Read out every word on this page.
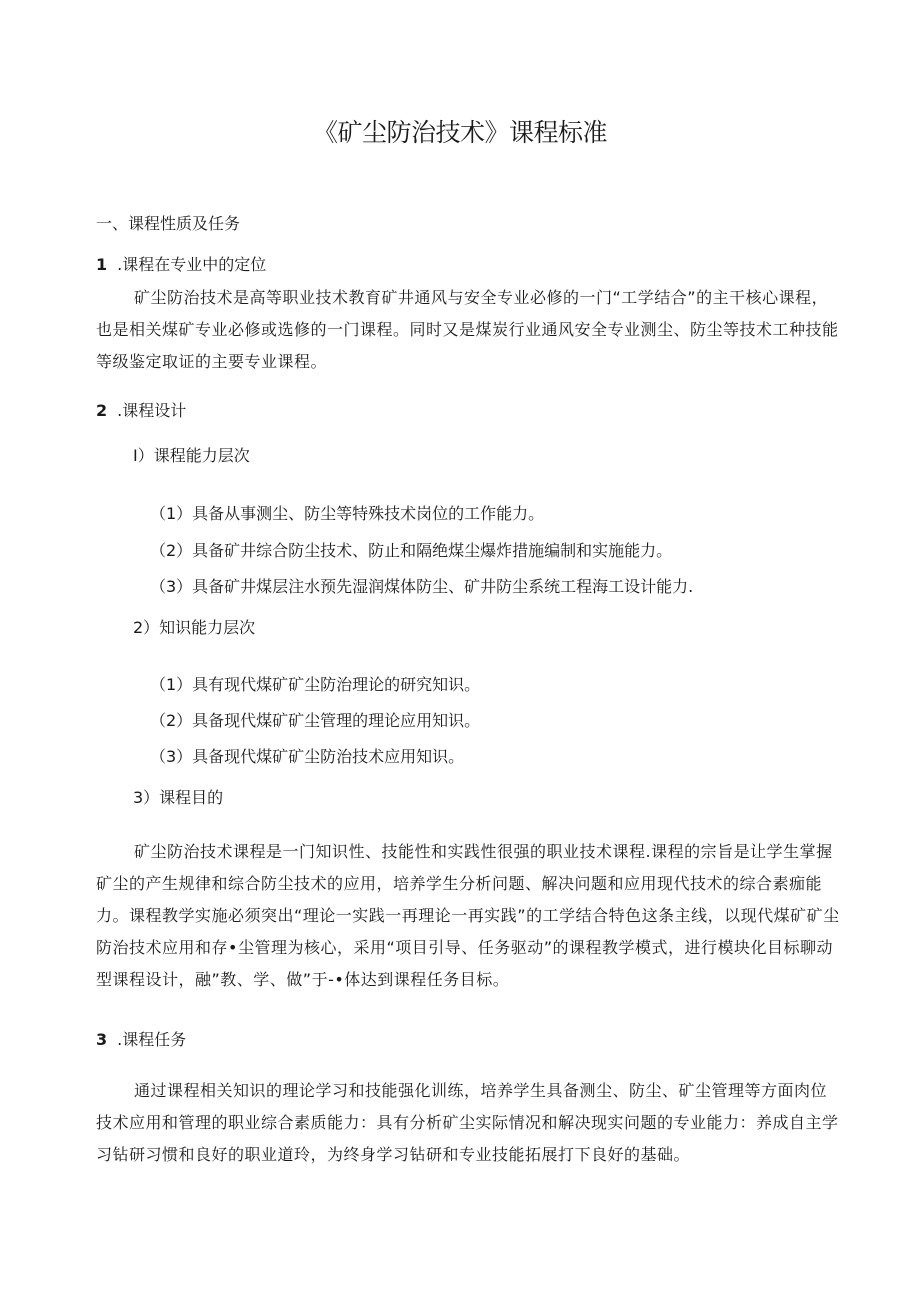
《矿尘防治技术》课程标准

一、课程性质及任务

1 .课程在专业中的定位

矿尘防治技术是高等职业技术教育矿井通风与安全专业必修的一门“工学结合”的主干核心课程，也是相关煤矿专业必修或选修的一门课程。同时又是煤炭行业通风安全专业测尘、防尘等技术工种技能等级鉴定取证的主要专业课程。

2 .课程设计

I）课程能力层次

（1）具备从事测尘、防尘等特殊技术岗位的工作能力。

（2）具备矿井综合防尘技术、防止和隔绝煤尘爆炸措施编制和实施能力。

（3）具备矿井煤层注水预先湿润煤体防尘、矿井防尘系统工程海工设计能力.

2）知识能力层次

（1）具有现代煤矿矿尘防治理论的研究知识。

（2）具备现代煤矿矿尘管理的理论应用知识。

（3）具备现代煤矿矿尘防治技术应用知识。

3）课程目的

矿尘防治技术课程是一门知识性、技能性和实践性很强的职业技术课程.课程的宗旨是让学生掌握矿尘的产生规律和综合防尘技术的应用，培养学生分析问题、解决问题和应用现代技术的综合素痂能力。课程教学实施必须突出“理论一实践一再理论一再实践”的工学结合特色这条主线，以现代煤矿矿尘防治技术应用和存•尘管理为核心，采用“项目引导、任务驱动”的课程教学模式，进行模块化目标聊动型课程设计，融”教、学、做”于-•体达到课程任务目标。

3 .课程任务

通过课程相关知识的理论学习和技能强化训练，培养学生具备测尘、防尘、矿尘管理等方面肉位技术应用和管理的职业综合素质能力：具有分析矿尘实际情况和解决现实问题的专业能力：养成自主学习钻研习惯和良好的职业道玲，为终身学习钻研和专业技能拓展打下良好的基础。
